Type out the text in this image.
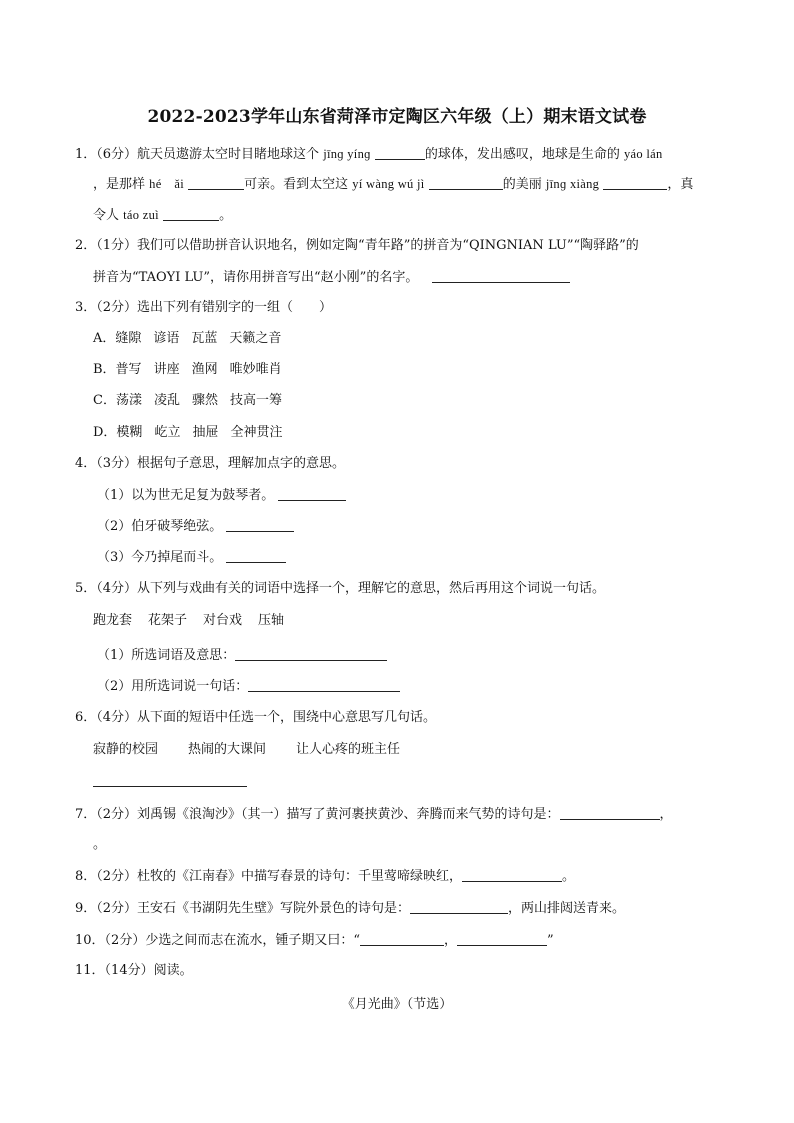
2022-2023学年山东省菏泽市定陶区六年级（上）期末语文试卷
1．（6分）航天员遨游太空时目睹地球这个 jīnɡ yínɡ	的球体，发出感叹，地球是生命的 yáo lán
，是那样 hé　ǎi	可亲。看到太空这 yí wàng wú jì	的美丽 jīnɡ xiàng	，真
令人 táo zuì	。
2．（1分）我们可以借助拼音认识地名，例如定陶“青年路”的拼音为“QINGNIAN LU”“陶驿路”的
拼音为“TAOYI LU”，请你用拼音写出“赵小刚”的名字。
3．（2分）选出下列有错别字的一组（　　）
A．缝隙 谚语 瓦蓝 天籁之音
B．普写 讲座 渔网 唯妙唯肖
C．荡漾 凌乱 骤然 技高一筹
D．模糊 屹立 抽屉 全神贯注
4．（3分）根据句子意思，理解加点字的意思。
（1）以为世无足复为鼓琴者。
（2）伯牙破琴绝弦。
（3）今乃掉尾而斗。
5．（4分）从下列与戏曲有关的词语中选择一个，理解它的意思，然后再用这个词说一句话。
跑龙套 花架子 对台戏 压轴
（1）所选词语及意思：
（2）用所选词说一句话：
6．（4分）从下面的短语中任选一个，围绕中心意思写几句话。
寂静的校园 热闹的大课间 让人心疼的班主任
7．（2分）刘禹锡《浪淘沙》（其一）描写了黄河裹挟黄沙、奔腾而来气势的诗句是：	，
。
8．（2分）杜牧的《江南春》中描写春景的诗句：千里莺啼绿映红，	。
9．（2分）王安石《书湖阴先生壁》写院外景色的诗句是：	，两山排闼送青来。
10．（2分）少选之间而志在流水，锺子期又曰：“	，	”
11．（14分）阅读。
《月光曲》（节选）
